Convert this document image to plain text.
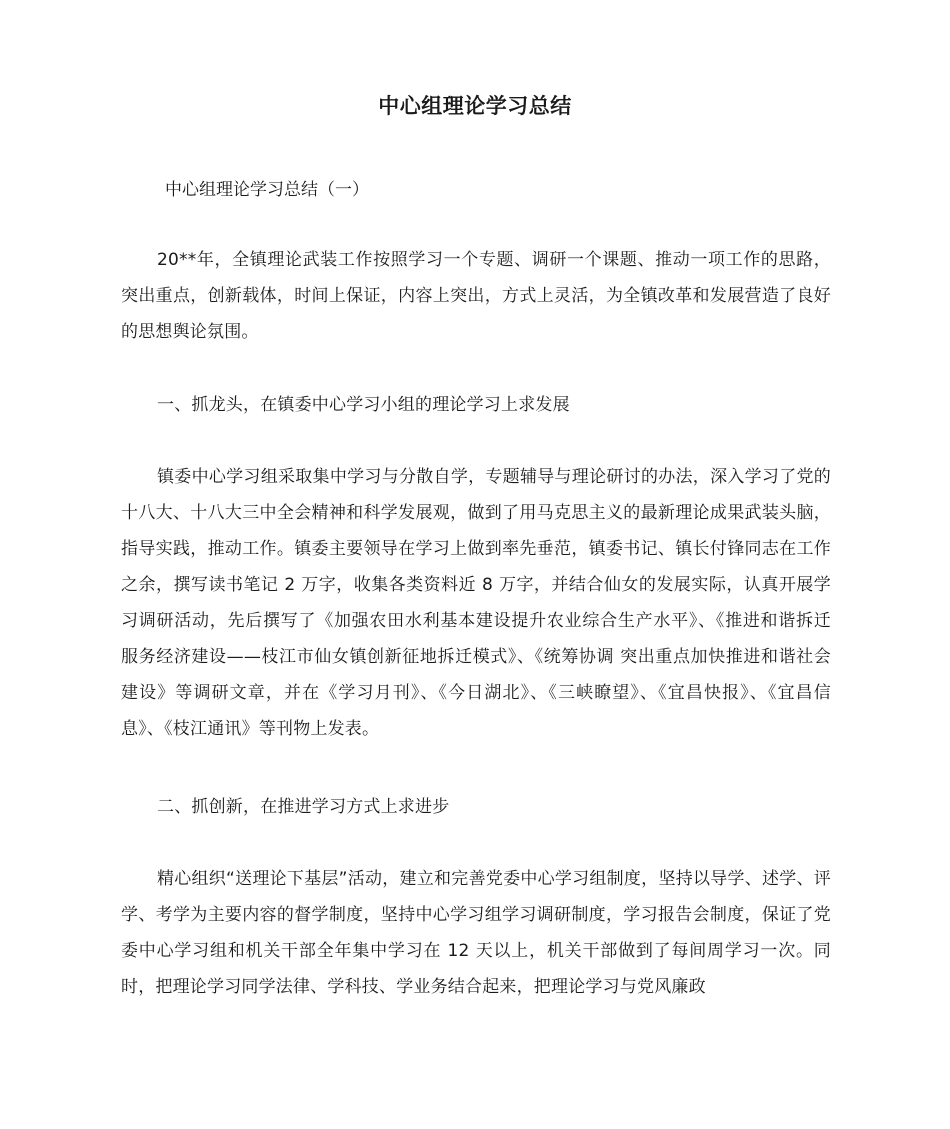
中心组理论学习总结

中心组理论学习总结（一）

20**年，全镇理论武装工作按照学习一个专题、调研一个课题、推动一项工作的思路，突出重点，创新载体，时间上保证，内容上突出，方式上灵活，为全镇改革和发展营造了良好的思想舆论氛围。

一、抓龙头，在镇委中心学习小组的理论学习上求发展

镇委中心学习组采取集中学习与分散自学，专题辅导与理论研讨的办法，深入学习了党的十八大、十八大三中全会精神和科学发展观，做到了用马克思主义的最新理论成果武装头脑，指导实践，推动工作。镇委主要领导在学习上做到率先垂范，镇委书记、镇长付锋同志在工作之余，撰写读书笔记 2 万字，收集各类资料近 8 万字，并结合仙女的发展实际，认真开展学习调研活动，先后撰写了《加强农田水利基本建设提升农业综合生产水平》、《推进和谐拆迁 服务经济建设——枝江市仙女镇创新征地拆迁模式》、《统筹协调 突出重点加快推进和谐社会建设》等调研文章，并在《学习月刊》、《今日湖北》、《三峡瞭望》、《宜昌快报》、《宜昌信息》、《枝江通讯》等刊物上发表。

二、抓创新，在推进学习方式上求进步

精心组织“送理论下基层”活动，建立和完善党委中心学习组制度，坚持以导学、述学、评学、考学为主要内容的督学制度，坚持中心学习组学习调研制度，学习报告会制度，保证了党委中心学习组和机关干部全年集中学习在 12 天以上，机关干部做到了每间周学习一次。同时，把理论学习同学法律、学科技、学业务结合起来，把理论学习与党风廉政
